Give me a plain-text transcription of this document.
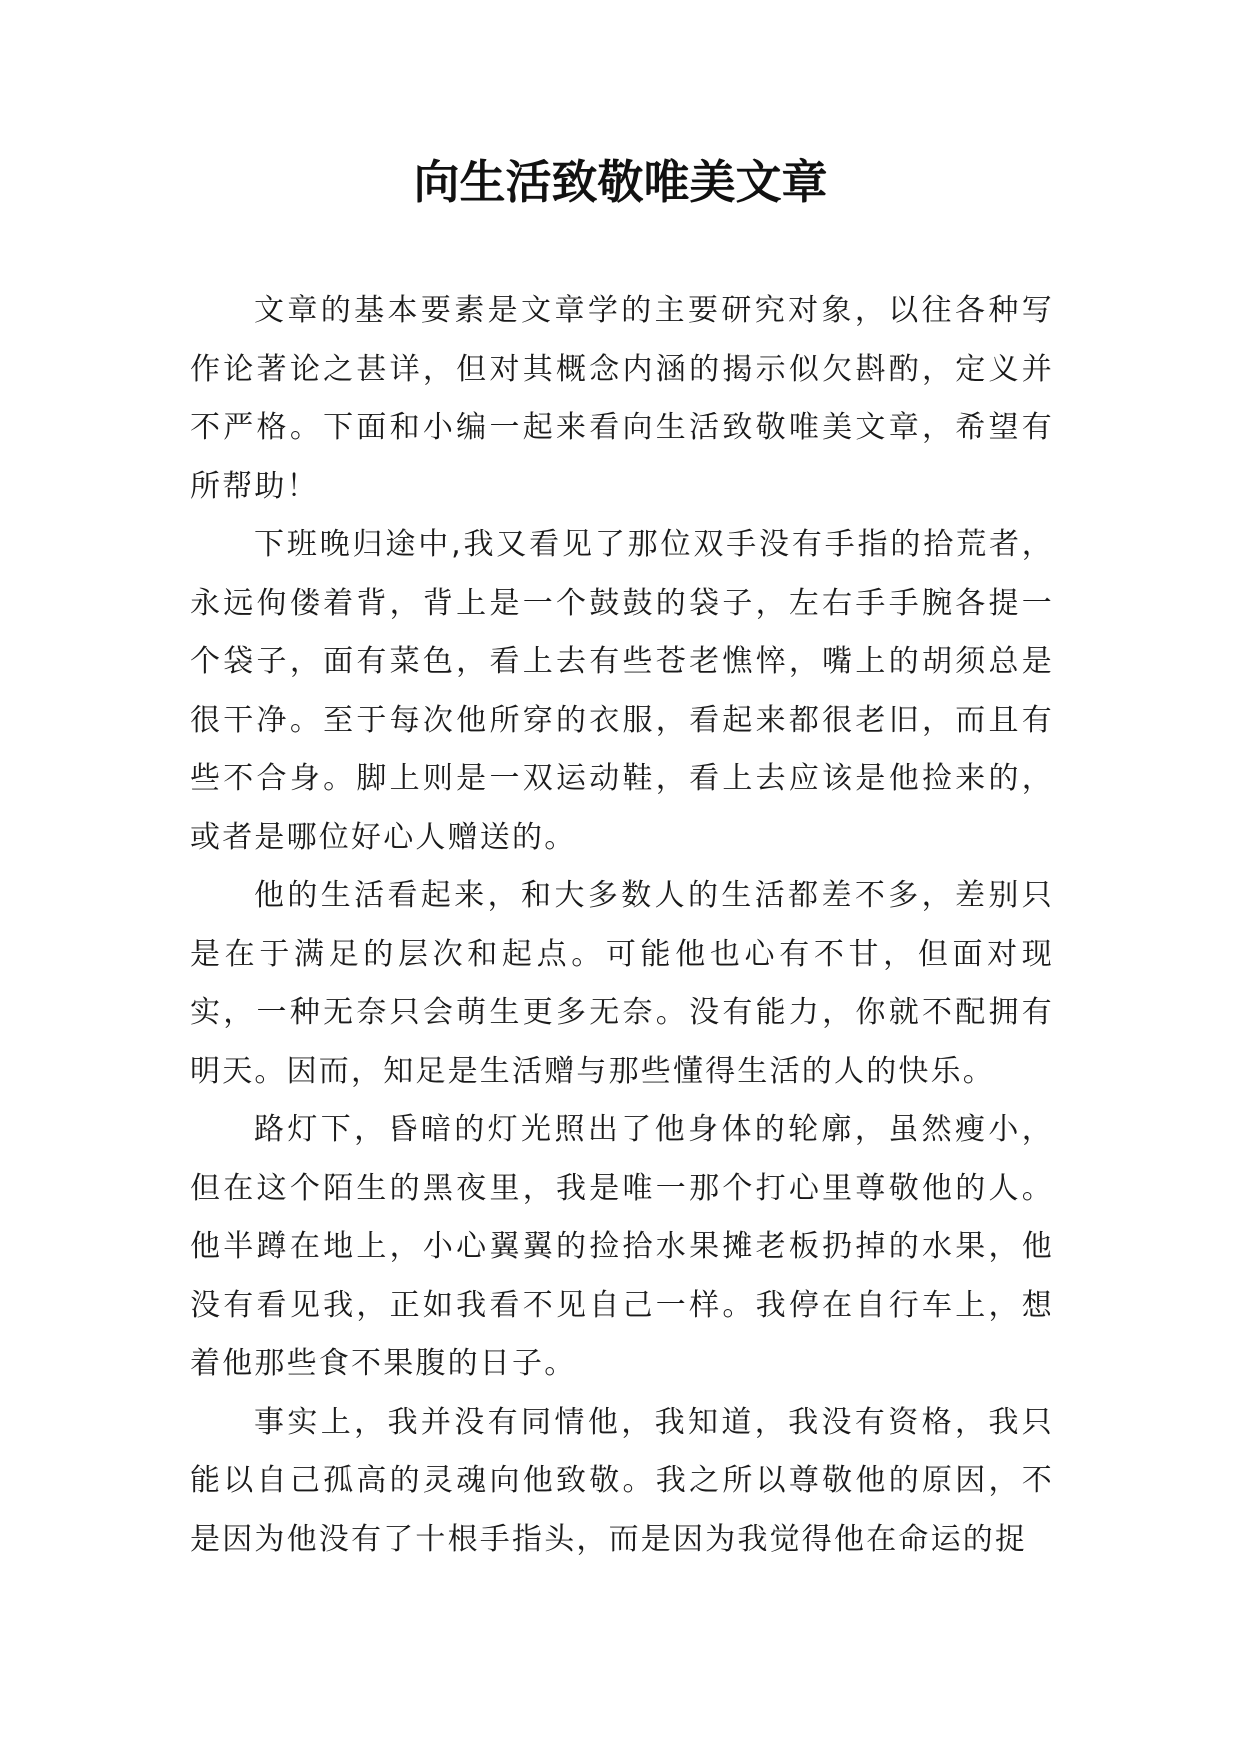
向生活致敬唯美文章

文章的基本要素是文章学的主要研究对象，以往各种写作论著论之甚详，但对其概念内涵的揭示似欠斟酌，定义并不严格。下面和小编一起来看向生活致敬唯美文章，希望有所帮助！

下班晚归途中,我又看见了那位双手没有手指的拾荒者，永远佝偻着背，背上是一个鼓鼓的袋子，左右手手腕各提一个袋子，面有菜色，看上去有些苍老憔悴，嘴上的胡须总是很干净。至于每次他所穿的衣服，看起来都很老旧，而且有些不合身。脚上则是一双运动鞋，看上去应该是他捡来的，或者是哪位好心人赠送的。

他的生活看起来，和大多数人的生活都差不多，差别只是在于满足的层次和起点。可能他也心有不甘，但面对现实，一种无奈只会萌生更多无奈。没有能力，你就不配拥有明天。因而，知足是生活赠与那些懂得生活的人的快乐。

路灯下，昏暗的灯光照出了他身体的轮廓，虽然瘦小，但在这个陌生的黑夜里，我是唯一那个打心里尊敬他的人。他半蹲在地上，小心翼翼的捡拾水果摊老板扔掉的水果，他没有看见我，正如我看不见自己一样。我停在自行车上，想着他那些食不果腹的日子。

事实上，我并没有同情他，我知道，我没有资格，我只能以自己孤高的灵魂向他致敬。我之所以尊敬他的原因，不是因为他没有了十根手指头，而是因为我觉得他在命运的捉
